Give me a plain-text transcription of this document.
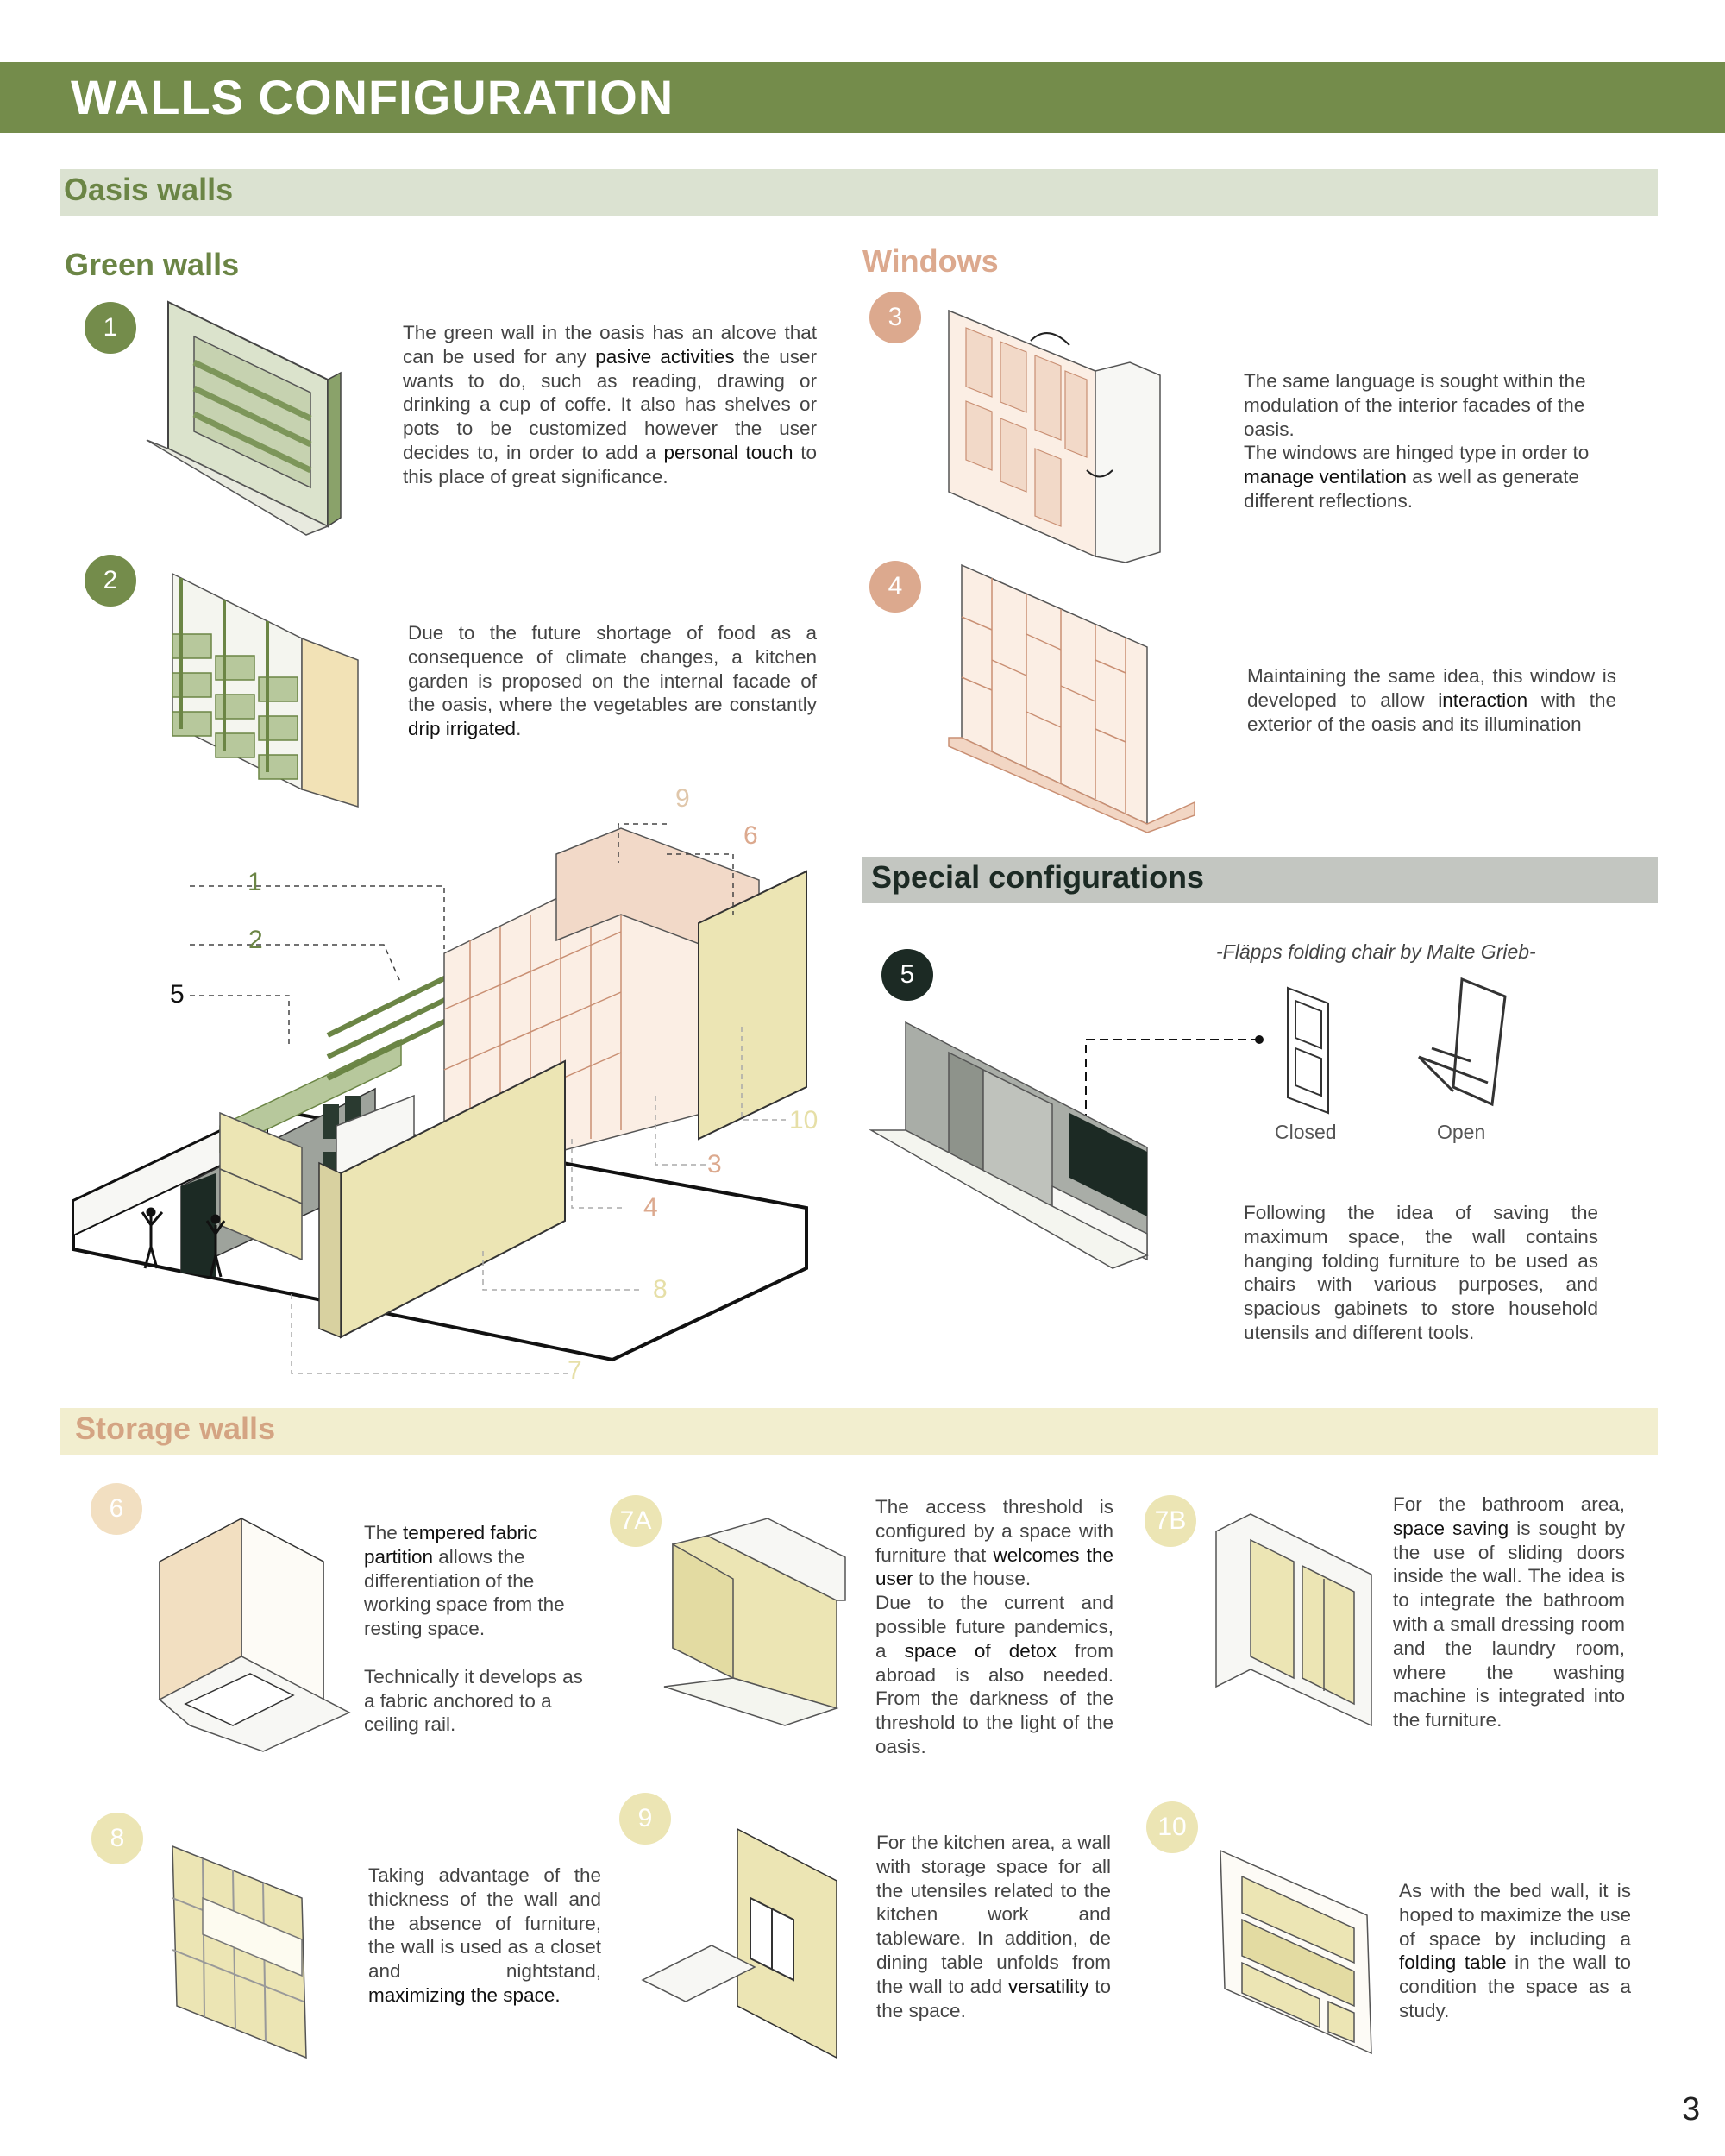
WALLS CONFIGURATION
Oasis walls
Green walls	Windows
1	The green wall in the oasis has an alcove that can be used for any pasive activities the user wants to do, such as reading, drawing or drinking a cup of coffe. It also has shelves or pots to be customized however the user decides to, in order to add a personal touch to this place of great significance.
2
Due to the future shortage of food as a consequence of climate changes, a kitchen garden is proposed on the internal facade of the oasis, where the vegetables are constantly drip irrigated.
3
The same language is sought within the modulation of the interior facades of the oasis.
The windows are hinged type in order to manage ventilation as well as generate different reflections.
4
Maintaining the same idea, this window is developed to allow interaction with the exterior of the oasis and its illumination
1
2
5
9
6
10
3
4
8
7
Special configurations
5
-Fläpps folding chair by Malte Grieb-
Closed	Open
Following the idea of saving the maximum space, the wall contains hanging folding furniture to be used as chairs with various purposes, and spacious gabinets to store household utensils and different tools.
Storage walls
6
The tempered fabric partition allows the differentiation of the working space from the resting space.

Technically it develops as a fabric anchored to a ceiling rail.
7A	The access threshold is configured by a space with furniture that welcomes the user to the house.
Due to the current and possible future pandemics, a space of detox from abroad is also needed. From the darkness of the threshold to the light of the oasis.
7B
For the bathroom area, space saving is sought by the use of sliding doors inside the wall. The idea is to integrate the bathroom with a small dressing room and the laundry room, where the washing machine is integrated into the furniture.
8
Taking advantage of the thickness of the wall and the absence of furniture, the wall is used as a closet and nightstand, maximizing the space.
9
For the kitchen area, a wall with storage space for all the utensiles related to the kitchen work and tableware. In addition, de dining table unfolds from the wall to add versatility to the space.
10
As with the bed wall, it is hoped to maximize the use of space by including a folding table in the wall to condition the space as a study.
3
